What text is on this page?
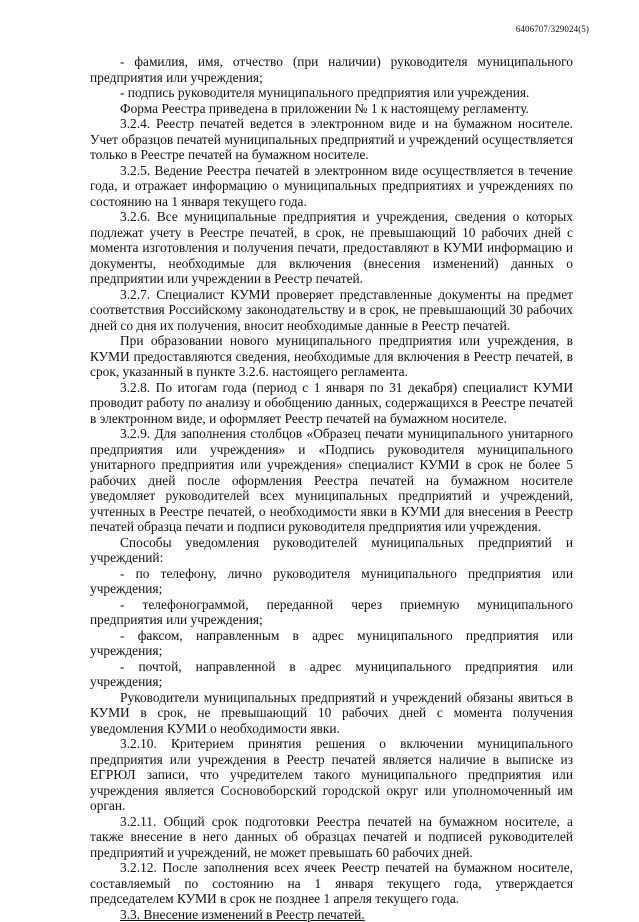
6406707/329024(5)

- фамилия, имя, отчество (при наличии) руководителя муниципального предприятия или учреждения;

- подпись руководителя муниципального предприятия или учреждения.

Форма Реестра приведена в приложении № 1 к настоящему регламенту.

3.2.4. Реестр печатей ведется в электронном виде и на бумажном носителе. Учет образцов печатей муниципальных предприятий и учреждений осуществляется только в Реестре печатей на бумажном носителе.

3.2.5. Ведение Реестра печатей в электронном виде осуществляется в течение года, и отражает информацию о муниципальных предприятиях и учреждениях по состоянию на 1 января текущего года.

3.2.6. Все муниципальные предприятия и учреждения, сведения о которых подлежат учету в Реестре печатей, в срок, не превышающий 10 рабочих дней с момента изготовления и получения печати, предоставляют в КУМИ информацию и документы, необходимые для включения (внесения изменений) данных о предприятии или учреждении в Реестр печатей.

3.2.7. Специалист КУМИ проверяет представленные документы на предмет соответствия Российскому законодательству и в срок, не превышающий 30 рабочих дней со дня их получения, вносит необходимые данные в Реестр печатей.

При образовании нового муниципального предприятия или учреждения, в КУМИ предоставляются сведения, необходимые для включения в Реестр печатей, в срок, указанный в пункте 3.2.6. настоящего регламента.

3.2.8. По итогам года (период с 1 января по 31 декабря) специалист КУМИ проводит работу по анализу и обобщению данных, содержащихся в Реестре печатей в электронном виде, и оформляет Реестр печатей на бумажном носителе.

3.2.9. Для заполнения столбцов «Образец печати муниципального унитарного предприятия или учреждения» и «Подпись руководителя муниципального унитарного предприятия или учреждения» специалист КУМИ в срок не более 5 рабочих дней после оформления Реестра печатей на бумажном носителе уведомляет руководителей всех муниципальных предприятий и учреждений, учтенных в Реестре печатей, о необходимости явки в КУМИ для внесения в Реестр печатей образца печати и подписи руководителя предприятия или учреждения.

Способы уведомления руководителей муниципальных предприятий и учреждений:

- по телефону, лично руководителя муниципального предприятия или учреждения;

- телефонограммой, переданной через приемную муниципального предприятия или учреждения;

- факсом, направленным в адрес муниципального предприятия или учреждения;

- почтой, направленной в адрес муниципального предприятия или учреждения;

Руководители муниципальных предприятий и учреждений обязаны явиться в КУМИ в срок, не превышающий 10 рабочих дней с момента получения уведомления КУМИ о необходимости явки.

3.2.10. Критерием принятия решения о включении муниципального предприятия или учреждения в Реестр печатей является наличие в выписке из ЕГРЮЛ записи, что учредителем такого муниципального предприятия или учреждения является Сосновоборский городской округ или уполномоченный им орган.

3.2.11. Общий срок подготовки Реестра печатей на бумажном носителе, а также внесение в него данных об образцах печатей и подписей руководителей предприятий и учреждений, не может превышать 60 рабочих дней.

3.2.12. После заполнения всех ячеек Реестр печатей на бумажном носителе, составляемый по состоянию на 1 января текущего года, утверждается председателем КУМИ в срок не позднее 1 апреля текущего года.

3.3. Внесение изменений в Реестр печатей.
